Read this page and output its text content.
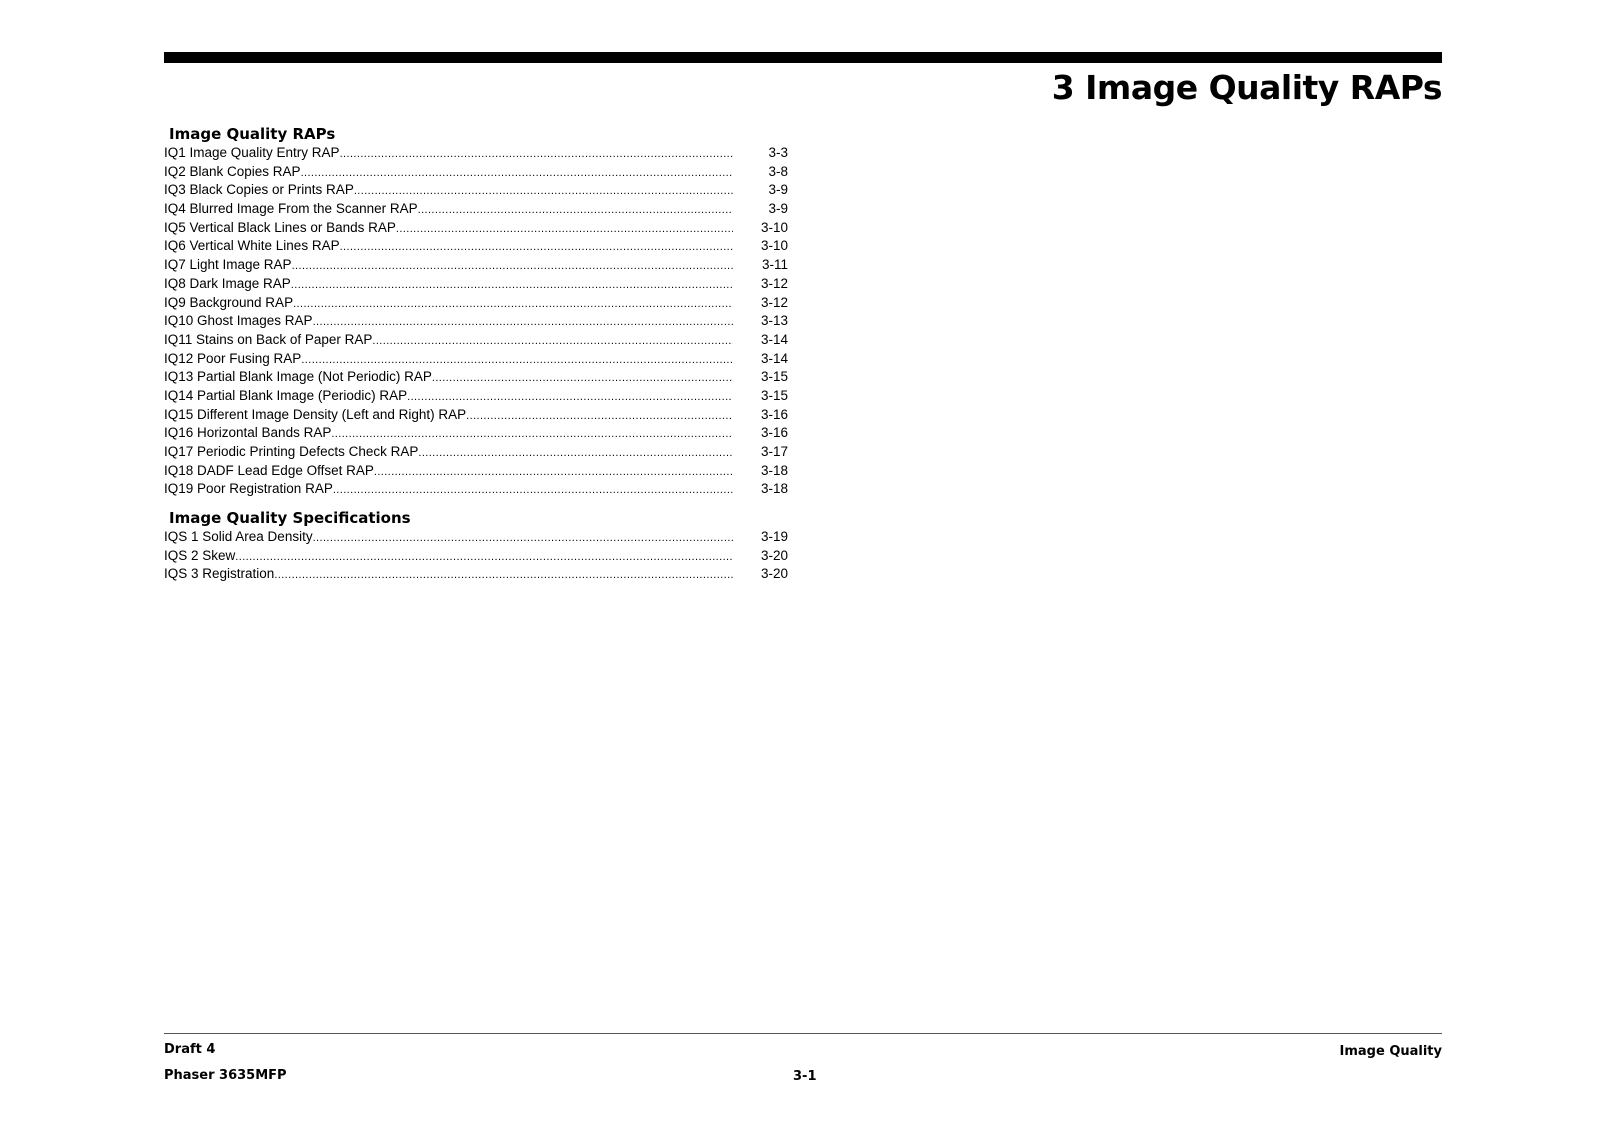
3 Image Quality RAPs
Image Quality RAPs
IQ1 Image Quality Entry RAP .....	3-3
IQ2 Blank Copies RAP .....	3-8
IQ3 Black Copies or Prints RAP .....	3-9
IQ4 Blurred Image From the Scanner RAP .....	3-9
IQ5 Vertical Black Lines or Bands RAP .....	3-10
IQ6 Vertical White Lines RAP .....	3-10
IQ7 Light Image RAP .....	3-11
IQ8 Dark Image RAP .....	3-12
IQ9 Background RAP .....	3-12
IQ10 Ghost Images RAP .....	3-13
IQ11 Stains on Back of Paper RAP .....	3-14
IQ12 Poor Fusing RAP .....	3-14
IQ13 Partial Blank Image (Not Periodic) RAP .....	3-15
IQ14 Partial Blank Image (Periodic) RAP .....	3-15
IQ15 Different Image Density (Left and Right) RAP .....	3-16
IQ16 Horizontal Bands RAP .....	3-16
IQ17 Periodic Printing Defects Check RAP .....	3-17
IQ18 DADF Lead Edge Offset RAP .....	3-18
IQ19 Poor Registration RAP .....	3-18
Image Quality Specifications
IQS 1 Solid Area Density .....	3-19
IQS 2 Skew .....	3-20
IQS 3 Registration .....	3-20
Draft 4
Phaser 3635MFP	3-1
Image Quality
